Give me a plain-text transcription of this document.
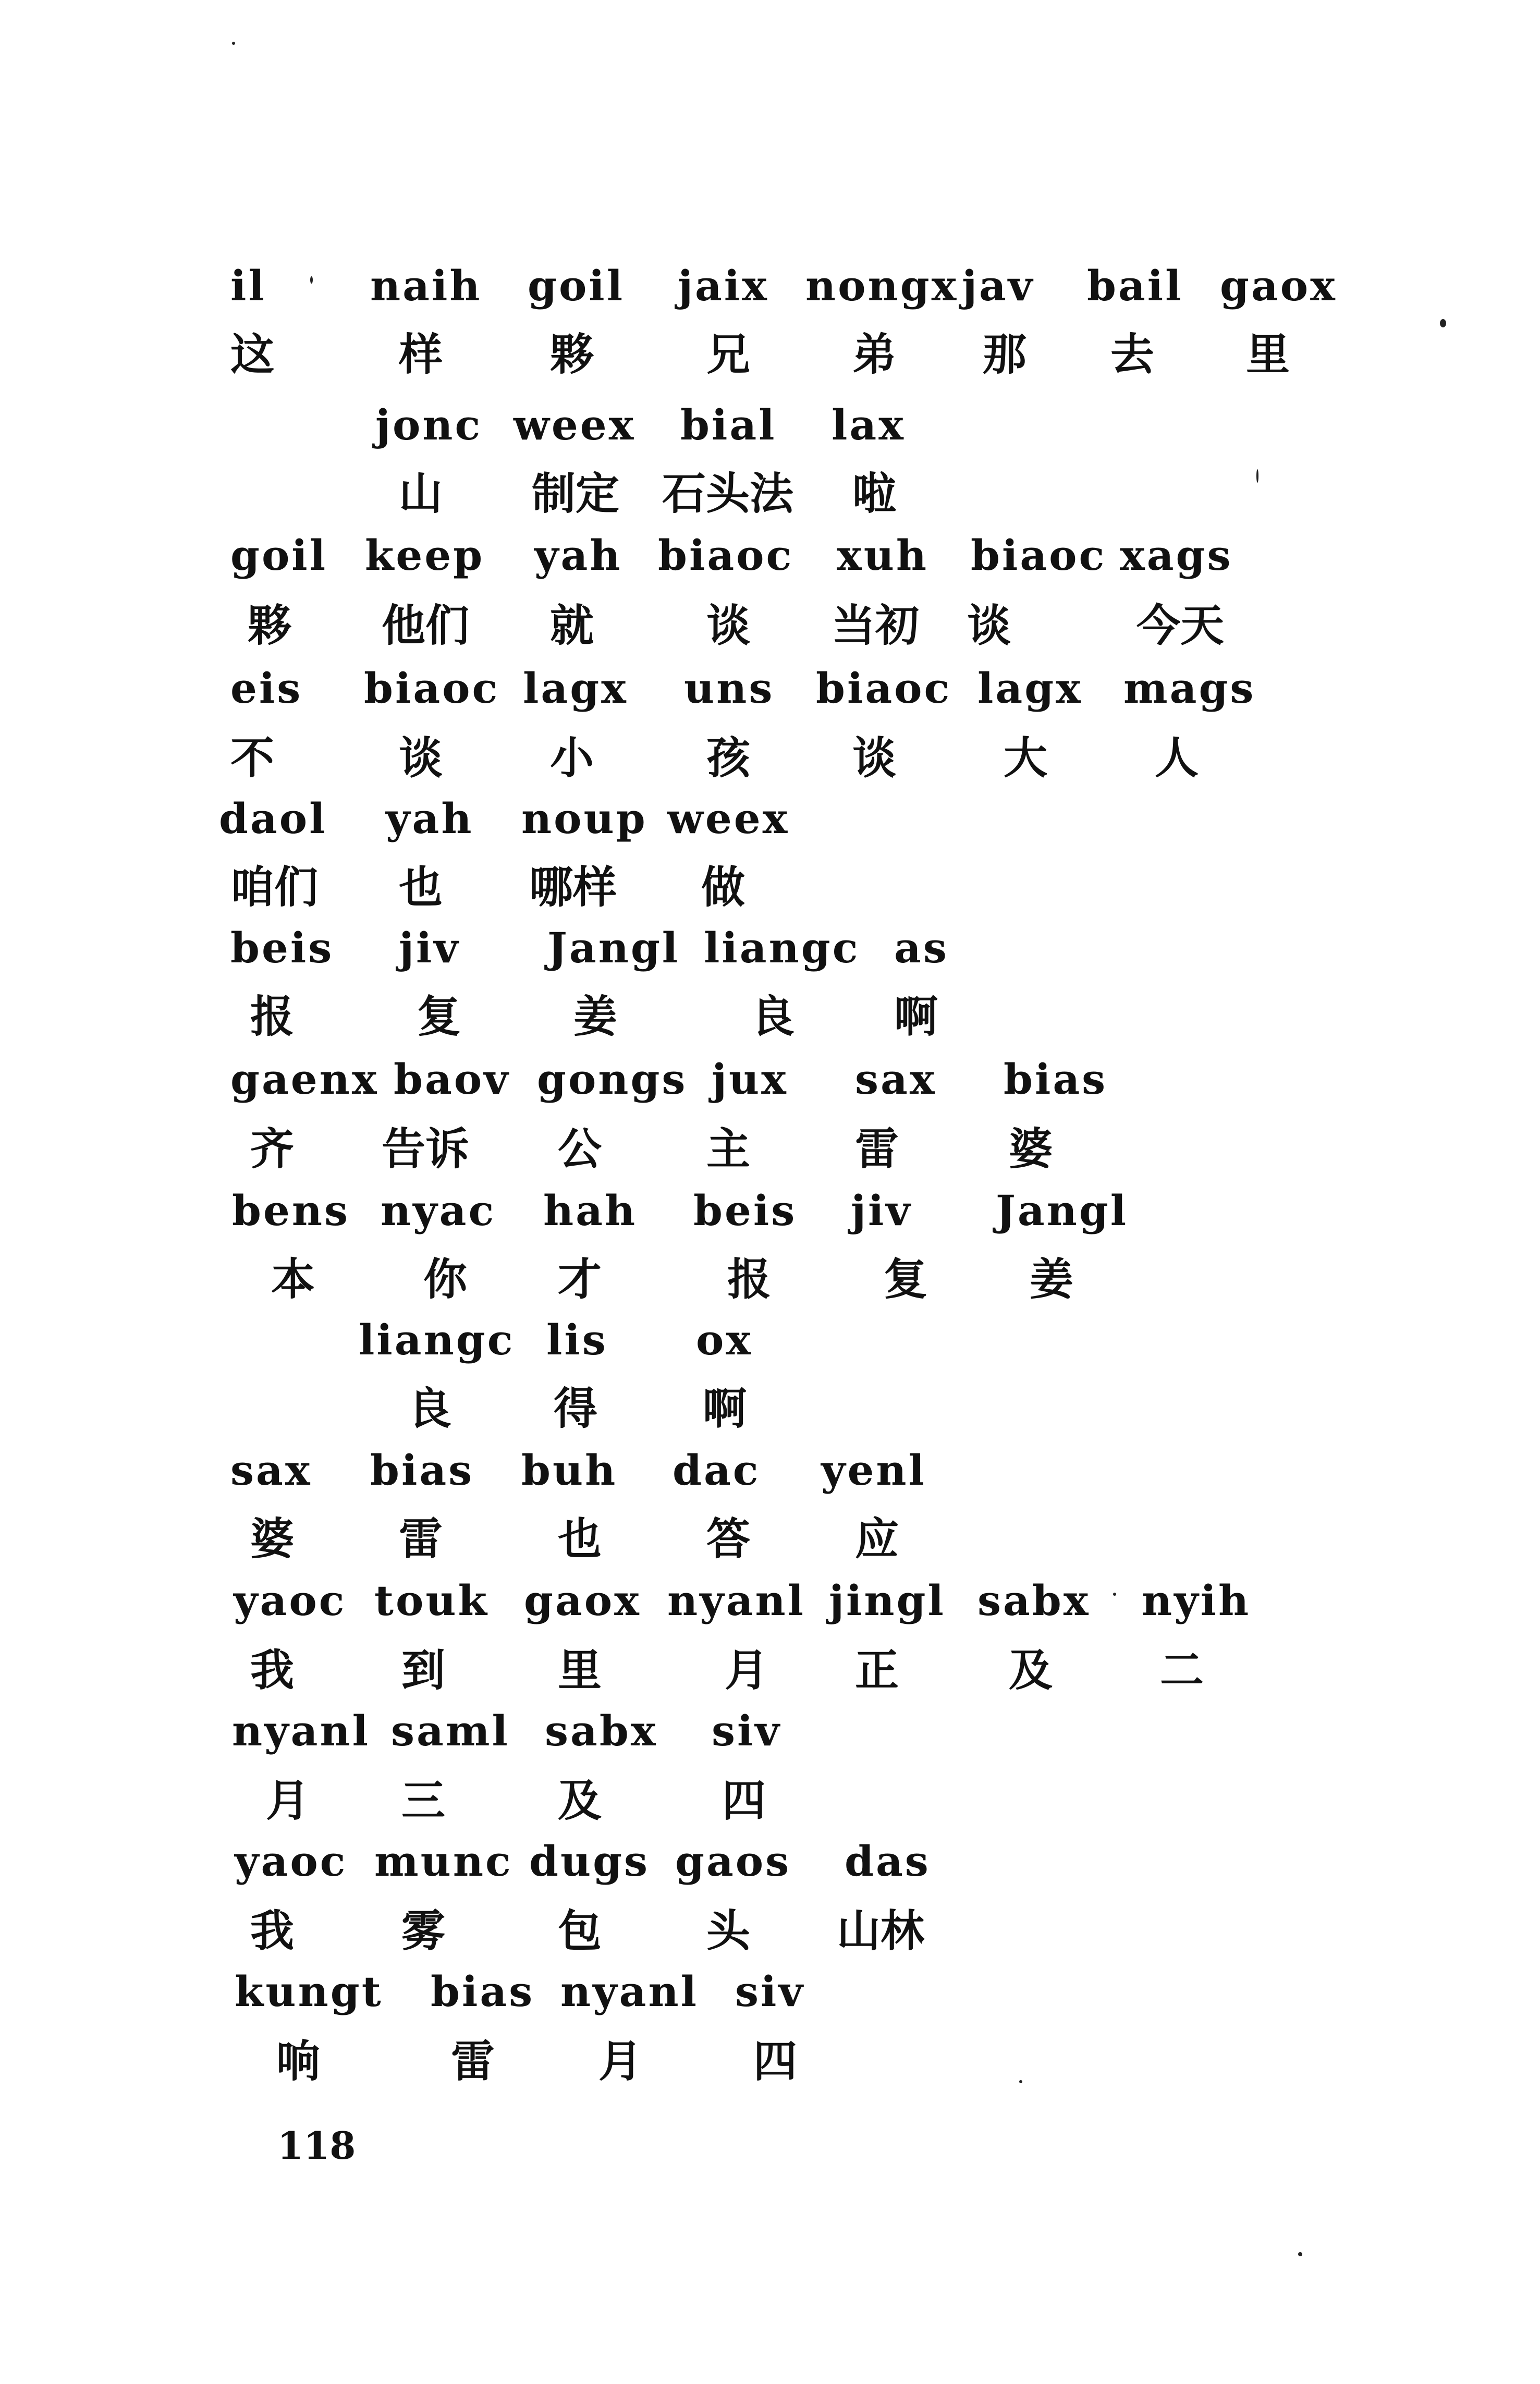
il naih goil jaix nongx jav bail gaox
这	样 夥	兄 弟 那 去 里
jonc weex bial lax
山 制定 石头法 啦
goil keep yah biaoc xuh biaoc xags
夥 他们 就	谈 当初 谈	今天
eis biaoc lagx uns biaoc lagx mags
不	谈 小	孩 谈 大 人
daol yah noup weex
咱们 也 哪样 做
beis jiv Jangl liangc as
报	复	姜	良 啊
gaenx baov gongs jux sax bias
齐 告诉 公 主 雷	婆
bens nyac hah beis jiv Jangl
本 你 才	报	复 姜
liangc lis ox
良 得 啊
sax bias buh dac yenl
婆 雷	也 答 应
yaoc touk gaox nyanl jingl sabx nyih
我 到	里	月 正	及 二
nyanl saml sabx siv
月 三	及	四
yaoc munc dugs gaos das
我 雾	包 头 山林
kungt bias nyanl siv
响	雷 月	四
118
